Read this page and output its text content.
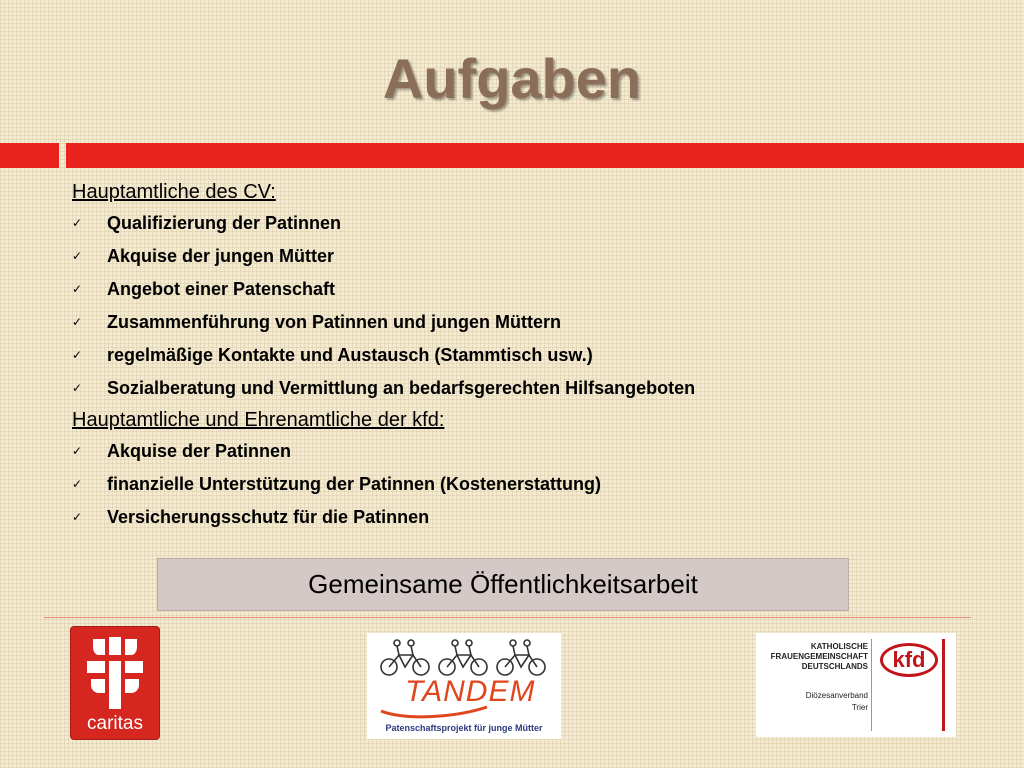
Aufgaben

Hauptamtliche des CV:

✓ Qualifizierung der Patinnen
✓ Akquise der jungen Mütter
✓ Angebot einer Patenschaft
✓ Zusammenführung von Patinnen und jungen Müttern
✓ regelmäßige Kontakte und Austausch (Stammtisch usw.)
✓ Sozialberatung und Vermittlung an bedarfsgerechten Hilfsangeboten

Hauptamtliche und Ehrenamtliche der kfd:

✓ Akquise der Patinnen
✓ finanzielle Unterstützung der Patinnen (Kostenerstattung)
✓ Versicherungsschutz für die Patinnen
Gemeinsame Öffentlichkeitsarbeit
caritas
TANDEM
Patenschaftsprojekt für junge Mütter
KATHOLISCHE
FRAUENGEMEINSCHAFT
DEUTSCHLANDS
Diözesanverband
Trier
kfd
